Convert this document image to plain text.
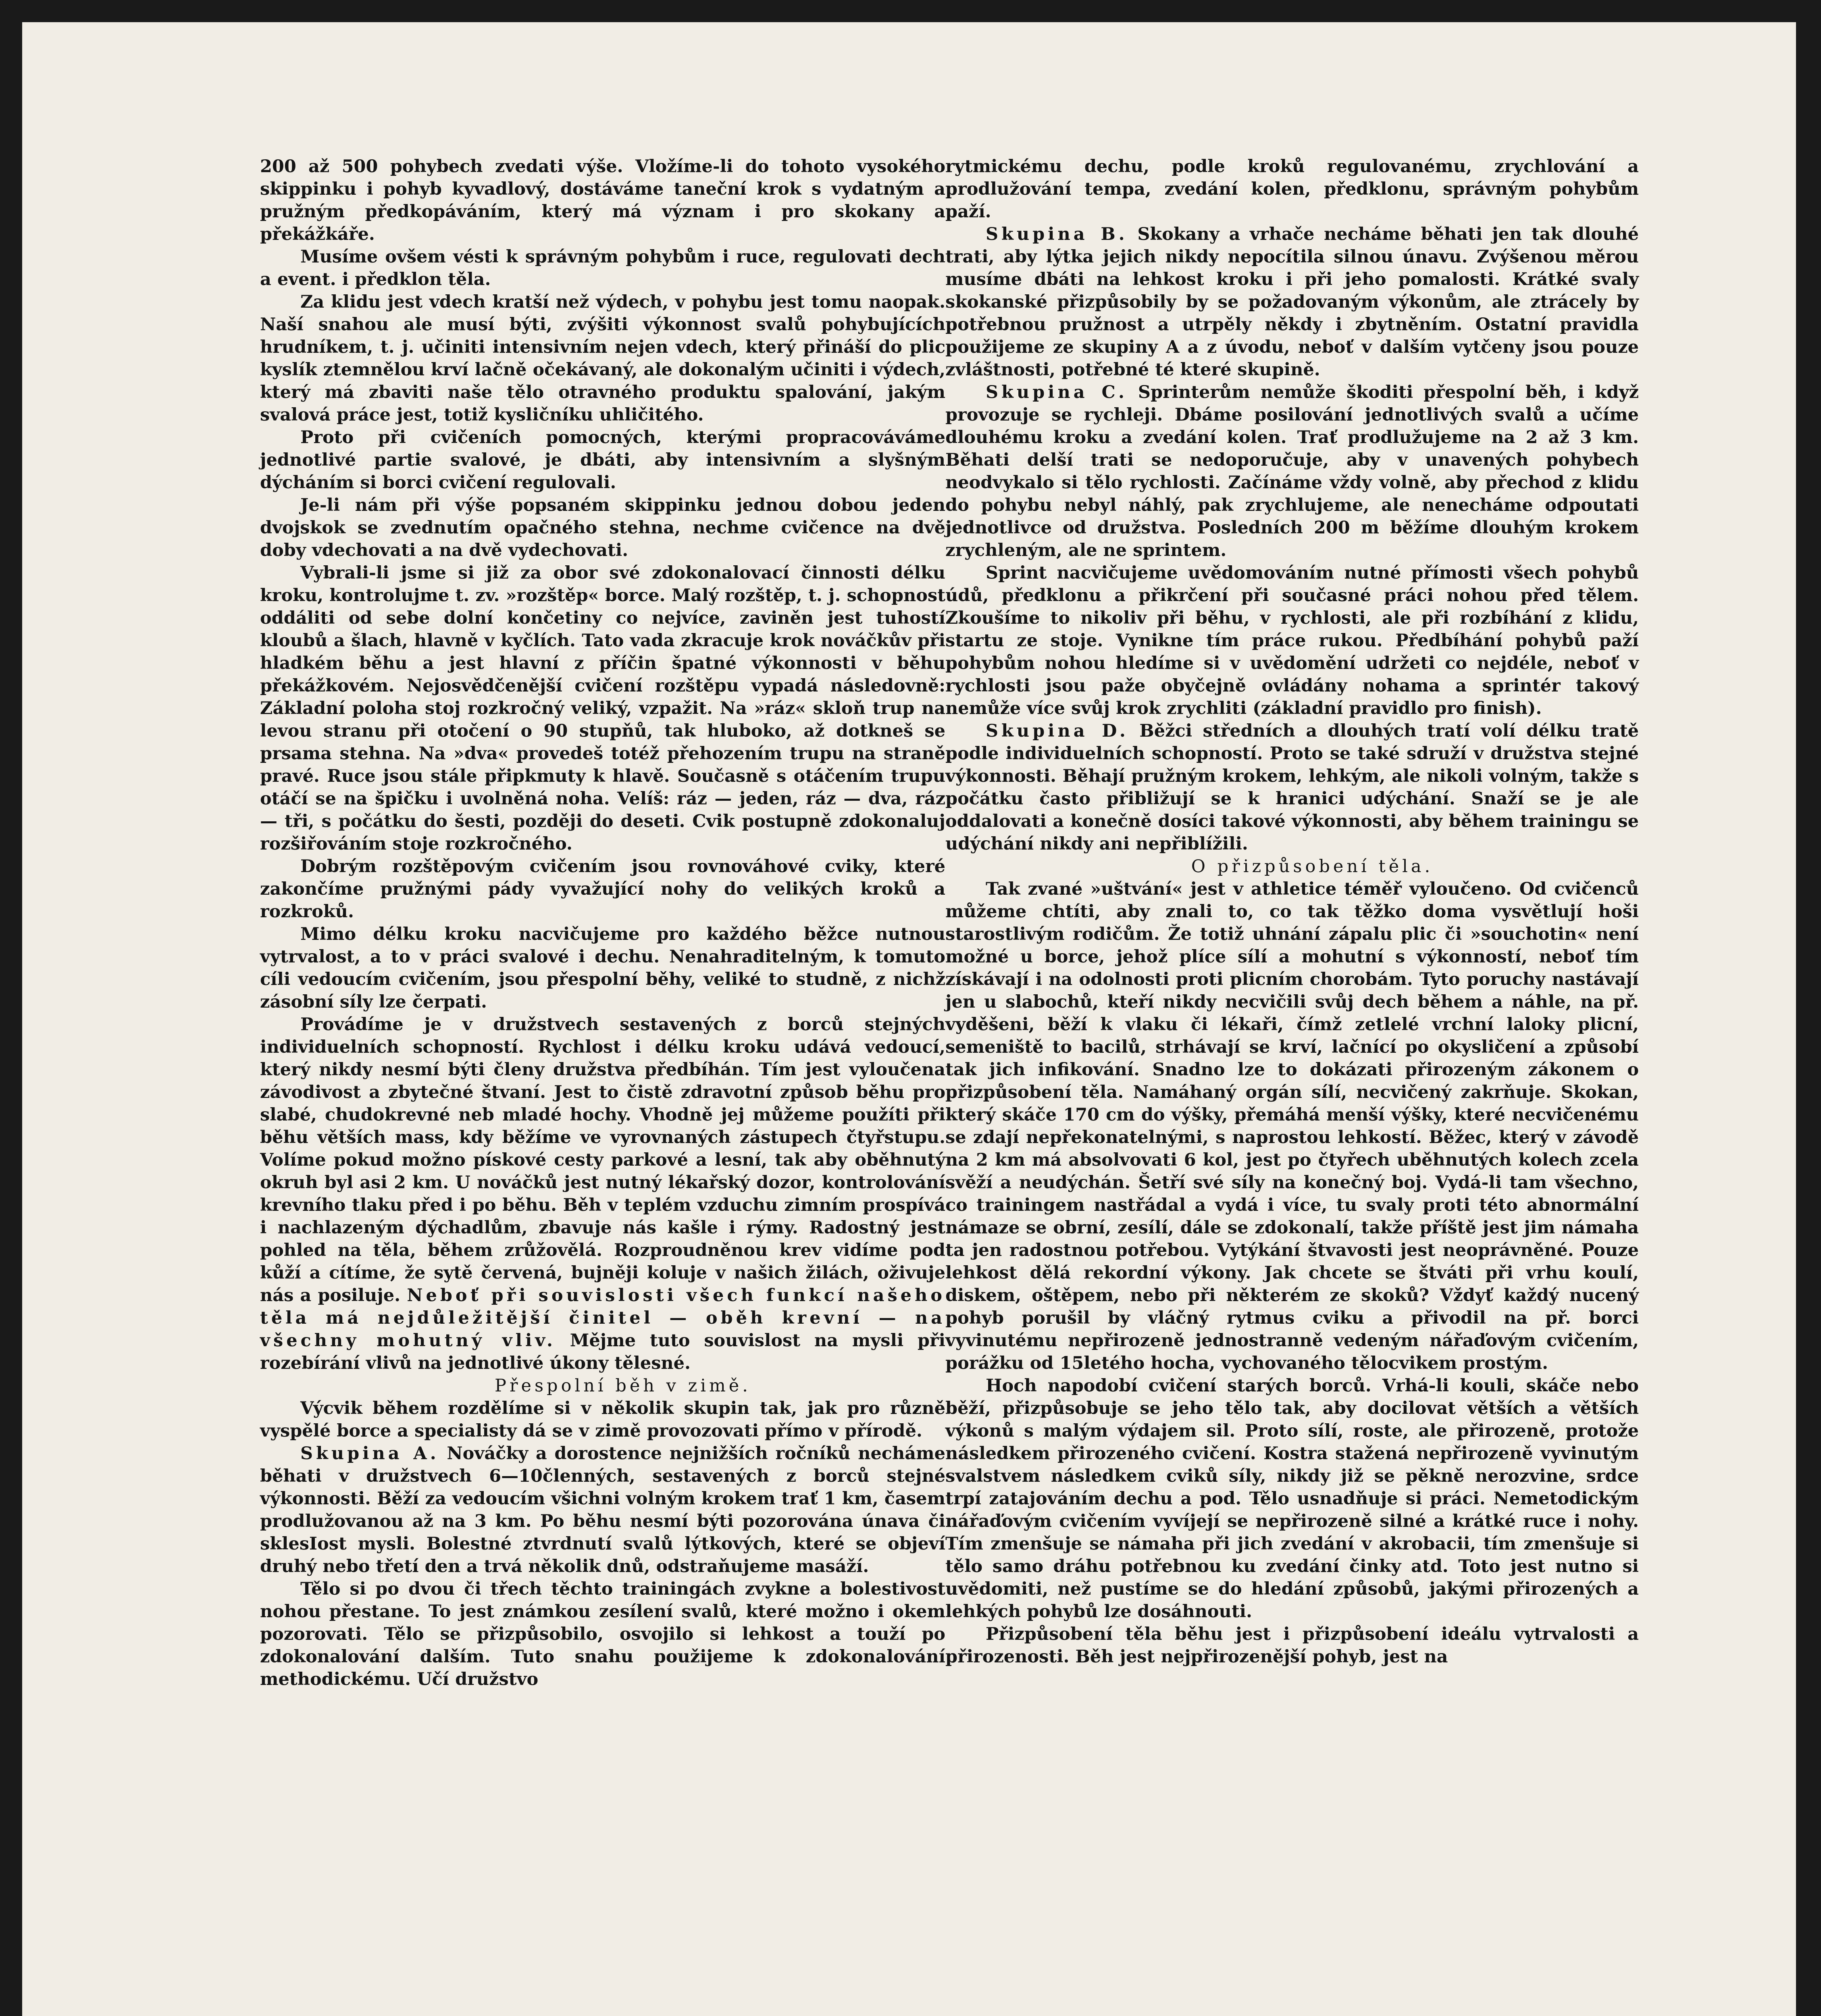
200 až 500 pohybech zvedati výše. Vložíme-li do tohoto vysokého skippinku i pohyb kyvadlový, dostáváme taneční krok s vydatným a pružným předkopáváním, který má význam i pro skokany a překážkáře.

Musíme ovšem vésti k správným pohybům i ruce, regulovati dech a event. i předklon těla.

Za klidu jest vdech kratší než výdech, v pohybu jest tomu naopak. Naší snahou ale musí býti, zvýšiti výkonnost svalů pohybujících hrudníkem, t. j. učiniti intensivním nejen vdech, který přináší do plic kyslík ztemnělou krví lačně očekávaný, ale dokonalým učiniti i výdech, který má zbaviti naše tělo otravného produktu spalování, jakým svalová práce jest, totiž kysličníku uhličitého.

Proto při cvičeních pomocných, kterými propracováváme jednotlivé partie svalové, je dbáti, aby intensivním a slyšným dýcháním si borci cvičení regulovali.

Je-li nám při výše popsaném skippinku jednou dobou jeden dvojskok se zvednutím opačného stehna, nechme cvičence na dvě doby vdechovati a na dvě vydechovati.

Vybrali-li jsme si již za obor své zdokonalovací činnosti délku kroku, kontrolujme t. zv. »rozštěp« borce. Malý rozštěp, t. j. schopnost oddáliti od sebe dolní končetiny co nejvíce, zaviněn jest tuhostí kloubů a šlach, hlavně v kyčlích. Tato vada zkracuje krok nováčkův při hladkém běhu a jest hlavní z příčin špatné výkonnosti v běhu překážkovém. Nejosvědčenější cvičení rozštěpu vypadá následovně: Základní poloha stoj rozkročný veliký, vzpažit. Na »ráz« skloň trup na levou stranu při otočení o 90 stupňů, tak hluboko, až dotkneš se prsama stehna. Na »dva« provedeš totéž přehozením trupu na straně pravé. Ruce jsou stále připkmuty k hlavě. Současně s otáčením trupu otáčí se na špičku i uvolněná noha. Velíš: ráz — jeden, ráz — dva, ráz — tři, s počátku do šesti, později do deseti. Cvik postupně zdokonaluj rozšiřováním stoje rozkročného.

Dobrým rozštěpovým cvičením jsou rovnováhové cviky, které zakončíme pružnými pády vyvažující nohy do velikých kroků a rozkroků.

Mimo délku kroku nacvičujeme pro každého běžce nutnou vytrvalost, a to v práci svalové i dechu. Nenahraditelným, k tomuto cíli vedoucím cvičením, jsou přespolní běhy, veliké to studně, z nichž zásobní síly lze čerpati.

Provádíme je v družstvech sestavených z borců stejných individuelních schopností. Rychlost i délku kroku udává vedoucí, který nikdy nesmí býti členy družstva předbíhán. Tím jest vyloučena závodivost a zbytečné štvaní. Jest to čistě zdravotní způsob běhu pro slabé, chudokrevné neb mladé hochy. Vhodně jej můžeme použíti při běhu větších mass, kdy běžíme ve vyrovnaných zástupech čtyřstupu. Volíme pokud možno pískové cesty parkové a lesní, tak aby oběhnutý okruh byl asi 2 km. U nováčků jest nutný lékařský dozor, kontrolování krevního tlaku před i po běhu. Běh v teplém vzduchu zimním prospívá i nachlazeným dýchadlům, zbavuje nás kašle i rýmy. Radostný jest pohled na těla, během zrůžovělá. Rozproudněnou krev vidíme pod kůží a cítíme, že sytě červená, bujněji koluje v našich žilách, oživuje nás a posiluje. Neboť při souvislosti všech funkcí našeho těla má nejdůležitější činitel — oběh krevní — na všechny mohutný vliv. Mějme tuto souvislost na mysli při rozebírání vlivů na jednotlivé úkony tělesné.

Přespolní běh v zimě.

Výcvik během rozdělíme si v několik skupin tak, jak pro různě vyspělé borce a specialisty dá se v zimě provozovati přímo v přírodě.

Skupina A. Nováčky a dorostence nejnižších ročníků necháme běhati v družstvech 6—10členných, sestavených z borců stejné výkonnosti. Běží za vedoucím všichni volným krokem trať 1 km, časem prodlužovanou až na 3 km. Po běhu nesmí býti pozorována únava či sklesIost mysli. Bolestné ztvrdnutí svalů lýtkových, které se objeví druhý nebo třetí den a trvá několik dnů, odstraňujeme masáží.

Tělo si po dvou či třech těchto trainingách zvykne a bolestivost nohou přestane. To jest známkou zesílení svalů, které možno i okem pozorovati. Tělo se přizpůsobilo, osvojilo si lehkost a touží po zdokonalování dalším. Tuto snahu použijeme k zdokonalování methodickému. Učí družstvo

rytmickému dechu, podle kroků regulovanému, zrychlování a prodlužování tempa, zvedání kolen, předklonu, správným pohybům paží.

Skupina B. Skokany a vrhače necháme běhati jen tak dlouhé trati, aby lýtka jejich nikdy nepocítila silnou únavu. Zvýšenou měrou musíme dbáti na lehkost kroku i při jeho pomalosti. Krátké svaly skokanské přizpůsobily by se požadovaným výkonům, ale ztrácely by potřebnou pružnost a utrpěly někdy i zbytněním. Ostatní pravidla použijeme ze skupiny A a z úvodu, neboť v dalším vytčeny jsou pouze zvláštnosti, potřebné té které skupině.

Skupina C. Sprinterům nemůže škoditi přespolní běh, i když provozuje se rychleji. Dbáme posilování jednotlivých svalů a učíme dlouhému kroku a zvedání kolen. Trať prodlužujeme na 2 až 3 km. Běhati delší trati se nedoporučuje, aby v unavených pohybech neodvykalo si tělo rychlosti. Začínáme vždy volně, aby přechod z klidu do pohybu nebyl náhlý, pak zrychlujeme, ale nenecháme odpoutati jednotlivce od družstva. Posledních 200 m běžíme dlouhým krokem zrychleným, ale ne sprintem.

Sprint nacvičujeme uvědomováním nutné přímosti všech pohybů údů, předklonu a přikrčení při současné práci nohou před tělem. Zkoušíme to nikoliv při běhu, v rychlosti, ale při rozbíhání z klidu, startu ze stoje. Vynikne tím práce rukou. Předbíhání pohybů paží pohybům nohou hledíme si v uvědomění udržeti co nejdéle, neboť v rychlosti jsou paže obyčejně ovládány nohama a sprintér takový nemůže více svůj krok zrychliti (základní pravidlo pro finish).

Skupina D. Běžci středních a dlouhých tratí volí délku tratě podle individuelních schopností. Proto se také sdruží v družstva stejné výkonnosti. Běhají pružným krokem, lehkým, ale nikoli volným, takže s počátku často přibližují se k hranici udýchání. Snaží se je ale oddalovati a konečně dosíci takové výkonnosti, aby během trainingu se udýchání nikdy ani nepřiblížili.

O přizpůsobení těla.

Tak zvané »uštvání« jest v athletice téměř vyloučeno. Od cvičenců můžeme chtíti, aby znali to, co tak těžko doma vysvětlují hoši starostlivým rodičům. Že totiž uhnání zápalu plic či »souchotin« není možné u borce, jehož plíce sílí a mohutní s výkonností, neboť tím získávají i na odolnosti proti plicním chorobám. Tyto poruchy nastávají jen u slabochů, kteří nikdy necvičili svůj dech během a náhle, na př. vyděšeni, běží k vlaku či lékaři, čímž zetlelé vrchní laloky plicní, semeniště to bacilů, strhávají se krví, lačnící po okysličení a způsobí tak jich infikování. Snadno lze to dokázati přirozeným zákonem o přizpůsobení těla. Namáhaný orgán sílí, necvičený zakrňuje. Skokan, který skáče 170 cm do výšky, přemáhá menší výšky, které necvičenému se zdají nepřekonatelnými, s naprostou lehkostí. Běžec, který v závodě na 2 km má absolvovati 6 kol, jest po čtyřech uběhnutých kolech zcela svěží a neudýchán. Šetří své síly na konečný boj. Vydá-li tam všechno, co trainingem nastřádal a vydá i více, tu svaly proti této abnormální námaze se obrní, zesílí, dále se zdokonalí, takže příště jest jim námaha ta jen radostnou potřebou. Vytýkání štvavosti jest neoprávněné. Pouze lehkost dělá rekordní výkony. Jak chcete se štváti při vrhu koulí, diskem, oštěpem, nebo při některém ze skoků? Vždyť každý nucený pohyb porušil by vláčný rytmus cviku a přivodil na př. borci vyvinutému nepřirozeně jednostranně vedeným nářaďovým cvičením, porážku od 15letého hocha, vychovaného tělocvikem prostým.

Hoch napodobí cvičení starých borců. Vrhá-li kouli, skáče nebo běží, přizpůsobuje se jeho tělo tak, aby docilovat větších a větších výkonů s malým výdajem sil. Proto sílí, roste, ale přirozeně, protože následkem přirozeného cvičení. Kostra stažená nepřirozeně vyvinutým svalstvem následkem cviků síly, nikdy již se pěkně nerozvine, srdce trpí zatajováním dechu a pod. Tělo usnadňuje si práci. Nemetodickým nářaďovým cvičením vyvíjejí se nepřirozeně silné a krátké ruce i nohy. Tím zmenšuje se námaha při jich zvedání v akrobacii, tím zmenšuje si tělo samo dráhu potřebnou ku zvedání činky atd. Toto jest nutno si uvědomiti, než pustíme se do hledání způsobů, jakými přirozených a lehkých pohybů lze dosáhnouti.

Přizpůsobení těla běhu jest i přizpůsobení ideálu vytrvalosti a přirozenosti. Běh jest nejpřirozenější pohyb, jest na
